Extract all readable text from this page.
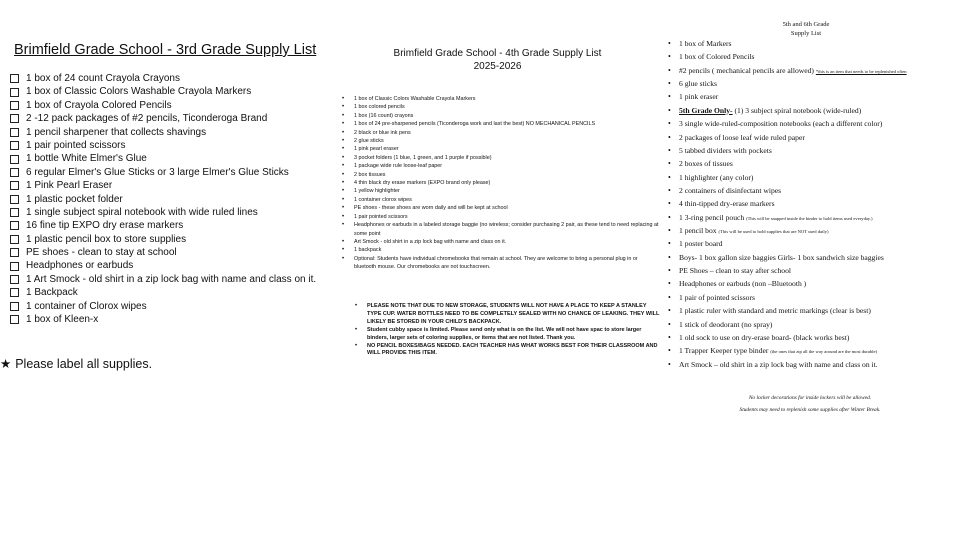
Brimfield Grade School - 3rd Grade Supply List
1 box of 24 count Crayola Crayons
1 box of Classic Colors Washable Crayola Markers
1 box of Crayola Colored Pencils
2 -12 pack packages of #2 pencils, Ticonderoga Brand
1 pencil sharpener that collects shavings
1 pair pointed scissors
1 bottle White Elmer's Glue
6 regular Elmer's Glue Sticks or 3 large Elmer's Glue Sticks
1 Pink Pearl Eraser
1 plastic pocket folder
1 single subject spiral notebook with wide ruled lines
16 fine tip EXPO dry erase markers
1 plastic pencil box to store supplies
PE shoes - clean to stay at school
Headphones or earbuds
1 Art Smock - old shirt in a zip lock bag with name and class on it.
1 Backpack
1 container of Clorox wipes
1 box of Kleen-x
★ Please label all supplies.
Brimfield Grade School - 4th Grade Supply List
2025-2026
• 1 box of Classic Colors Washable Crayola Markers
• 1 box colored pencils
• 1 box (16 count) crayons
• 1 box of 24 pre-sharpened pencils (Ticonderoga work and last the best) NO MECHANICAL PENCILS
• 2 black or blue ink pens
• 2 glue sticks
• 1 pink pearl eraser
• 3 pocket folders (1 blue, 1 green, and 1 purple if possible)
• 1 package wide rule loose-leaf paper
• 2 box tissues
• 4 thin black dry erase markers (EXPO brand only please)
• 1 yellow highlighter
• 1 container clorox wipes
• PE shoes - these shoes are worn daily and will be kept at school
• 1 pair pointed scissors
• Headphones or earbuds in a labeled storage baggie (no wireless; consider purchasing 2 pair, as these tend to need replacing at some point
• Art Smock - old shirt in a zip lock bag with name and class on it.
• 1 backpack
• Optional: Students have individual chromebooks that remain at school. They are welcome to bring a personal plug in or bluetooth mouse. Our chromebooks are not touchscreen.
• PLEASE NOTE THAT DUE TO NEW STORAGE, STUDENTS WILL NOT HAVE A PLACE TO KEEP A STANLEY TYPE CUP. WATER BOTTLES NEED TO BE COMPLETELY SEALED WITH NO CHANCE OF LEAKING. THEY WILL LIKELY BE STORED IN YOUR CHILD'S BACKPACK.
• Student cubby space is limited. Please send only what is on the list. We will not have spac to store larger binders, larger sets of coloring supplies, or items that are not listed. Thank you.
• NO PENCIL BOXES/BAGS NEEDED. EACH TEACHER HAS WHAT WORKS BEST FOR THEIR CLASSROOM AND WILL PROVIDE THIS ITEM.
5th and 6th Grade
Supply List
• 1 box of Markers
• 1 box of Colored Pencils
• #2 pencils ( mechanical pencils are allowed) *this is an item that needs to be replenished often
• 6 glue sticks
• 1 pink eraser
• 5th Grade Only- (1) 3 subject spiral notebook (wide-ruled)
• 3 single wide-ruled-composition notebooks (each a different color)
• 2 packages of loose leaf wide ruled paper
• 5 tabbed dividers with pockets
• 2 boxes of tissues
• 1 highlighter (any color)
• 2 containers of disinfectant wipes
• 4 thin-tipped dry-erase markers
• 1 3-ring pencil pouch (This will be snapped inside the binder to hold items used everyday.)
• 1 pencil box (This will be used to hold supplies that are NOT used daily)
• 1 poster board
• Boys- 1 box gallon size baggies Girls- 1 box sandwich size baggies
• PE Shoes – clean to stay after school
• Headphones or earbuds (non –Bluetooth )
• 1 pair of pointed scissors
• 1 plastic ruler with standard and metric markings (clear is best)
• 1 stick of deodorant (no spray)
• 1 old sock to use on dry-erase board- (black works best)
• 1 Trapper Keeper type binder (the ones that zip all the way around are the most durable)
• Art Smock – old shirt in a zip lock bag with name and class on it.
No locker decorations for inside lockers will be allowed.
Students may need to replenish some supplies after Winter Break.
